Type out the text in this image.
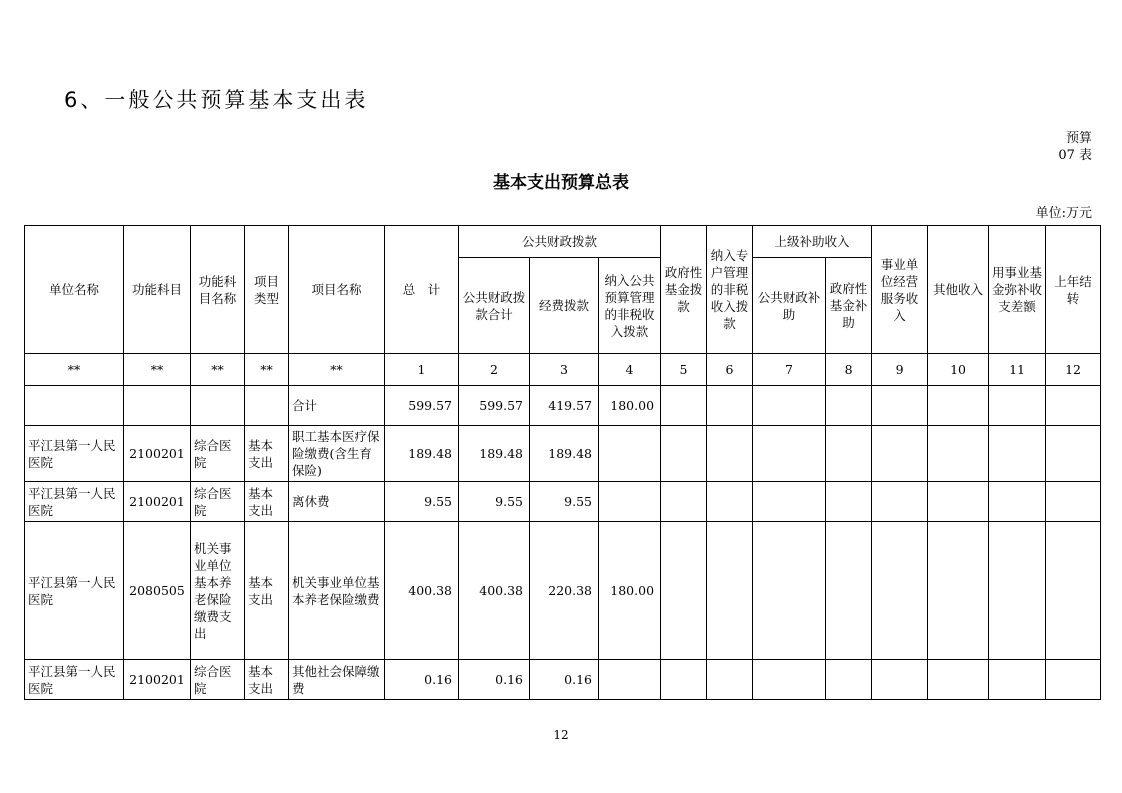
6、一般公共预算基本支出表
预算
07 表
基本支出预算总表
单位:万元
单位名称	功能科目	功能科目名称	项目类型	项目名称	总　计	公共财政拨款			政府性基金拨款	纳入专户管理的非税收入拨款	上级补助收入		事业单位经营服务收入	其他收入	用事业基金弥补收支差额	上年结转
						公共财政拨款合计	经费拨款	纳入公共预算管理的非税收入拨款			公共财政补助	政府性基金补助				
**	**	**	**	**	1	2	3	4	5	6	7	8	9	10	11	12
				合计	599.57	599.57	419.57	180.00								
平江县第一人民医院	2100201	综合医院	基本支出	职工基本医疗保险缴费(含生育保险)	189.48	189.48	189.48									
平江县第一人民医院	2100201	综合医院	基本支出	离休费	9.55	9.55	9.55									
平江县第一人民医院	2080505	机关事业单位基本养老保险缴费支出	基本支出	机关事业单位基本养老保险缴费	400.38	400.38	220.38	180.00								
平江县第一人民医院	2100201	综合医院	基本支出	其他社会保障缴费	0.16	0.16	0.16									
12
